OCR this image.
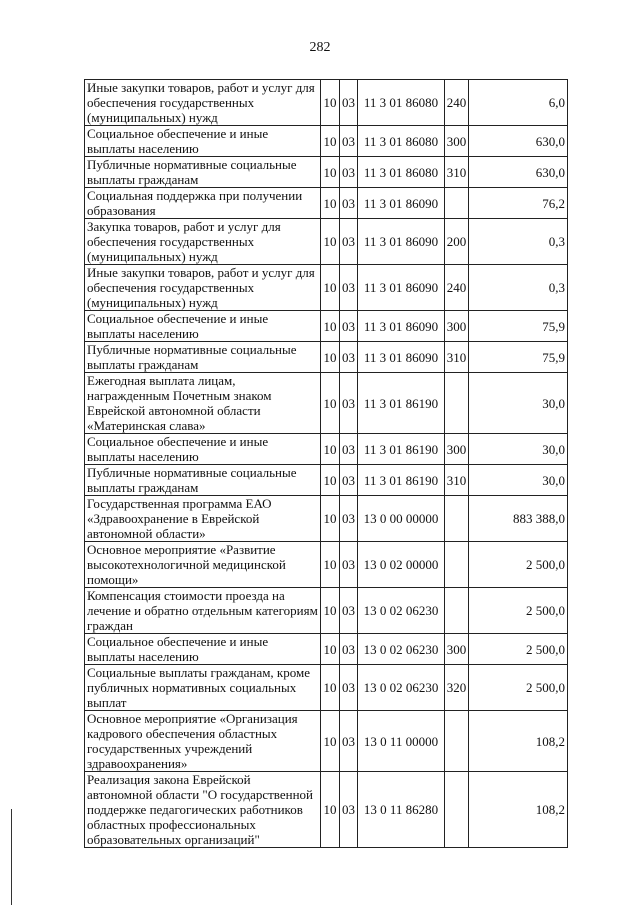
282
Иные закупки товаров, работ и услуг для обеспечения государственных (муниципальных) нужд	10	03	11 3 01 86080	240	6,0
Социальное обеспечение и иные выплаты населению	10	03	11 3 01 86080	300	630,0
Публичные нормативные социальные выплаты гражданам	10	03	11 3 01 86080	310	630,0
Социальная поддержка при получении образования	10	03	11 3 01 86090		76,2
Закупка товаров, работ и услуг для обеспечения государственных (муниципальных) нужд	10	03	11 3 01 86090	200	0,3
Иные закупки товаров, работ и услуг для обеспечения государственных (муниципальных) нужд	10	03	11 3 01 86090	240	0,3
Социальное обеспечение и иные выплаты населению	10	03	11 3 01 86090	300	75,9
Публичные нормативные социальные выплаты гражданам	10	03	11 3 01 86090	310	75,9
Ежегодная выплата лицам, награжденным Почетным знаком Еврейской автономной области «Материнская слава»	10	03	11 3 01 86190		30,0
Социальное обеспечение и иные выплаты населению	10	03	11 3 01 86190	300	30,0
Публичные нормативные социальные выплаты гражданам	10	03	11 3 01 86190	310	30,0
Государственная программа ЕАО «Здравоохранение в Еврейской автономной области»	10	03	13 0 00 00000		883 388,0
Основное мероприятие «Развитие высокотехнологичной медицинской помощи»	10	03	13 0 02 00000		2 500,0
Компенсация стоимости проезда на лечение и обратно отдельным категориям граждан	10	03	13 0 02 06230		2 500,0
Социальное обеспечение и иные выплаты населению	10	03	13 0 02 06230	300	2 500,0
Социальные выплаты гражданам, кроме публичных нормативных социальных выплат	10	03	13 0 02 06230	320	2 500,0
Основное мероприятие «Организация кадрового обеспечения областных государственных учреждений здравоохранения»	10	03	13 0 11 00000		108,2
Реализация закона Еврейской автономной области "О государственной поддержке педагогических работников областных профессиональных образовательных организаций"	10	03	13 0 11 86280		108,2
